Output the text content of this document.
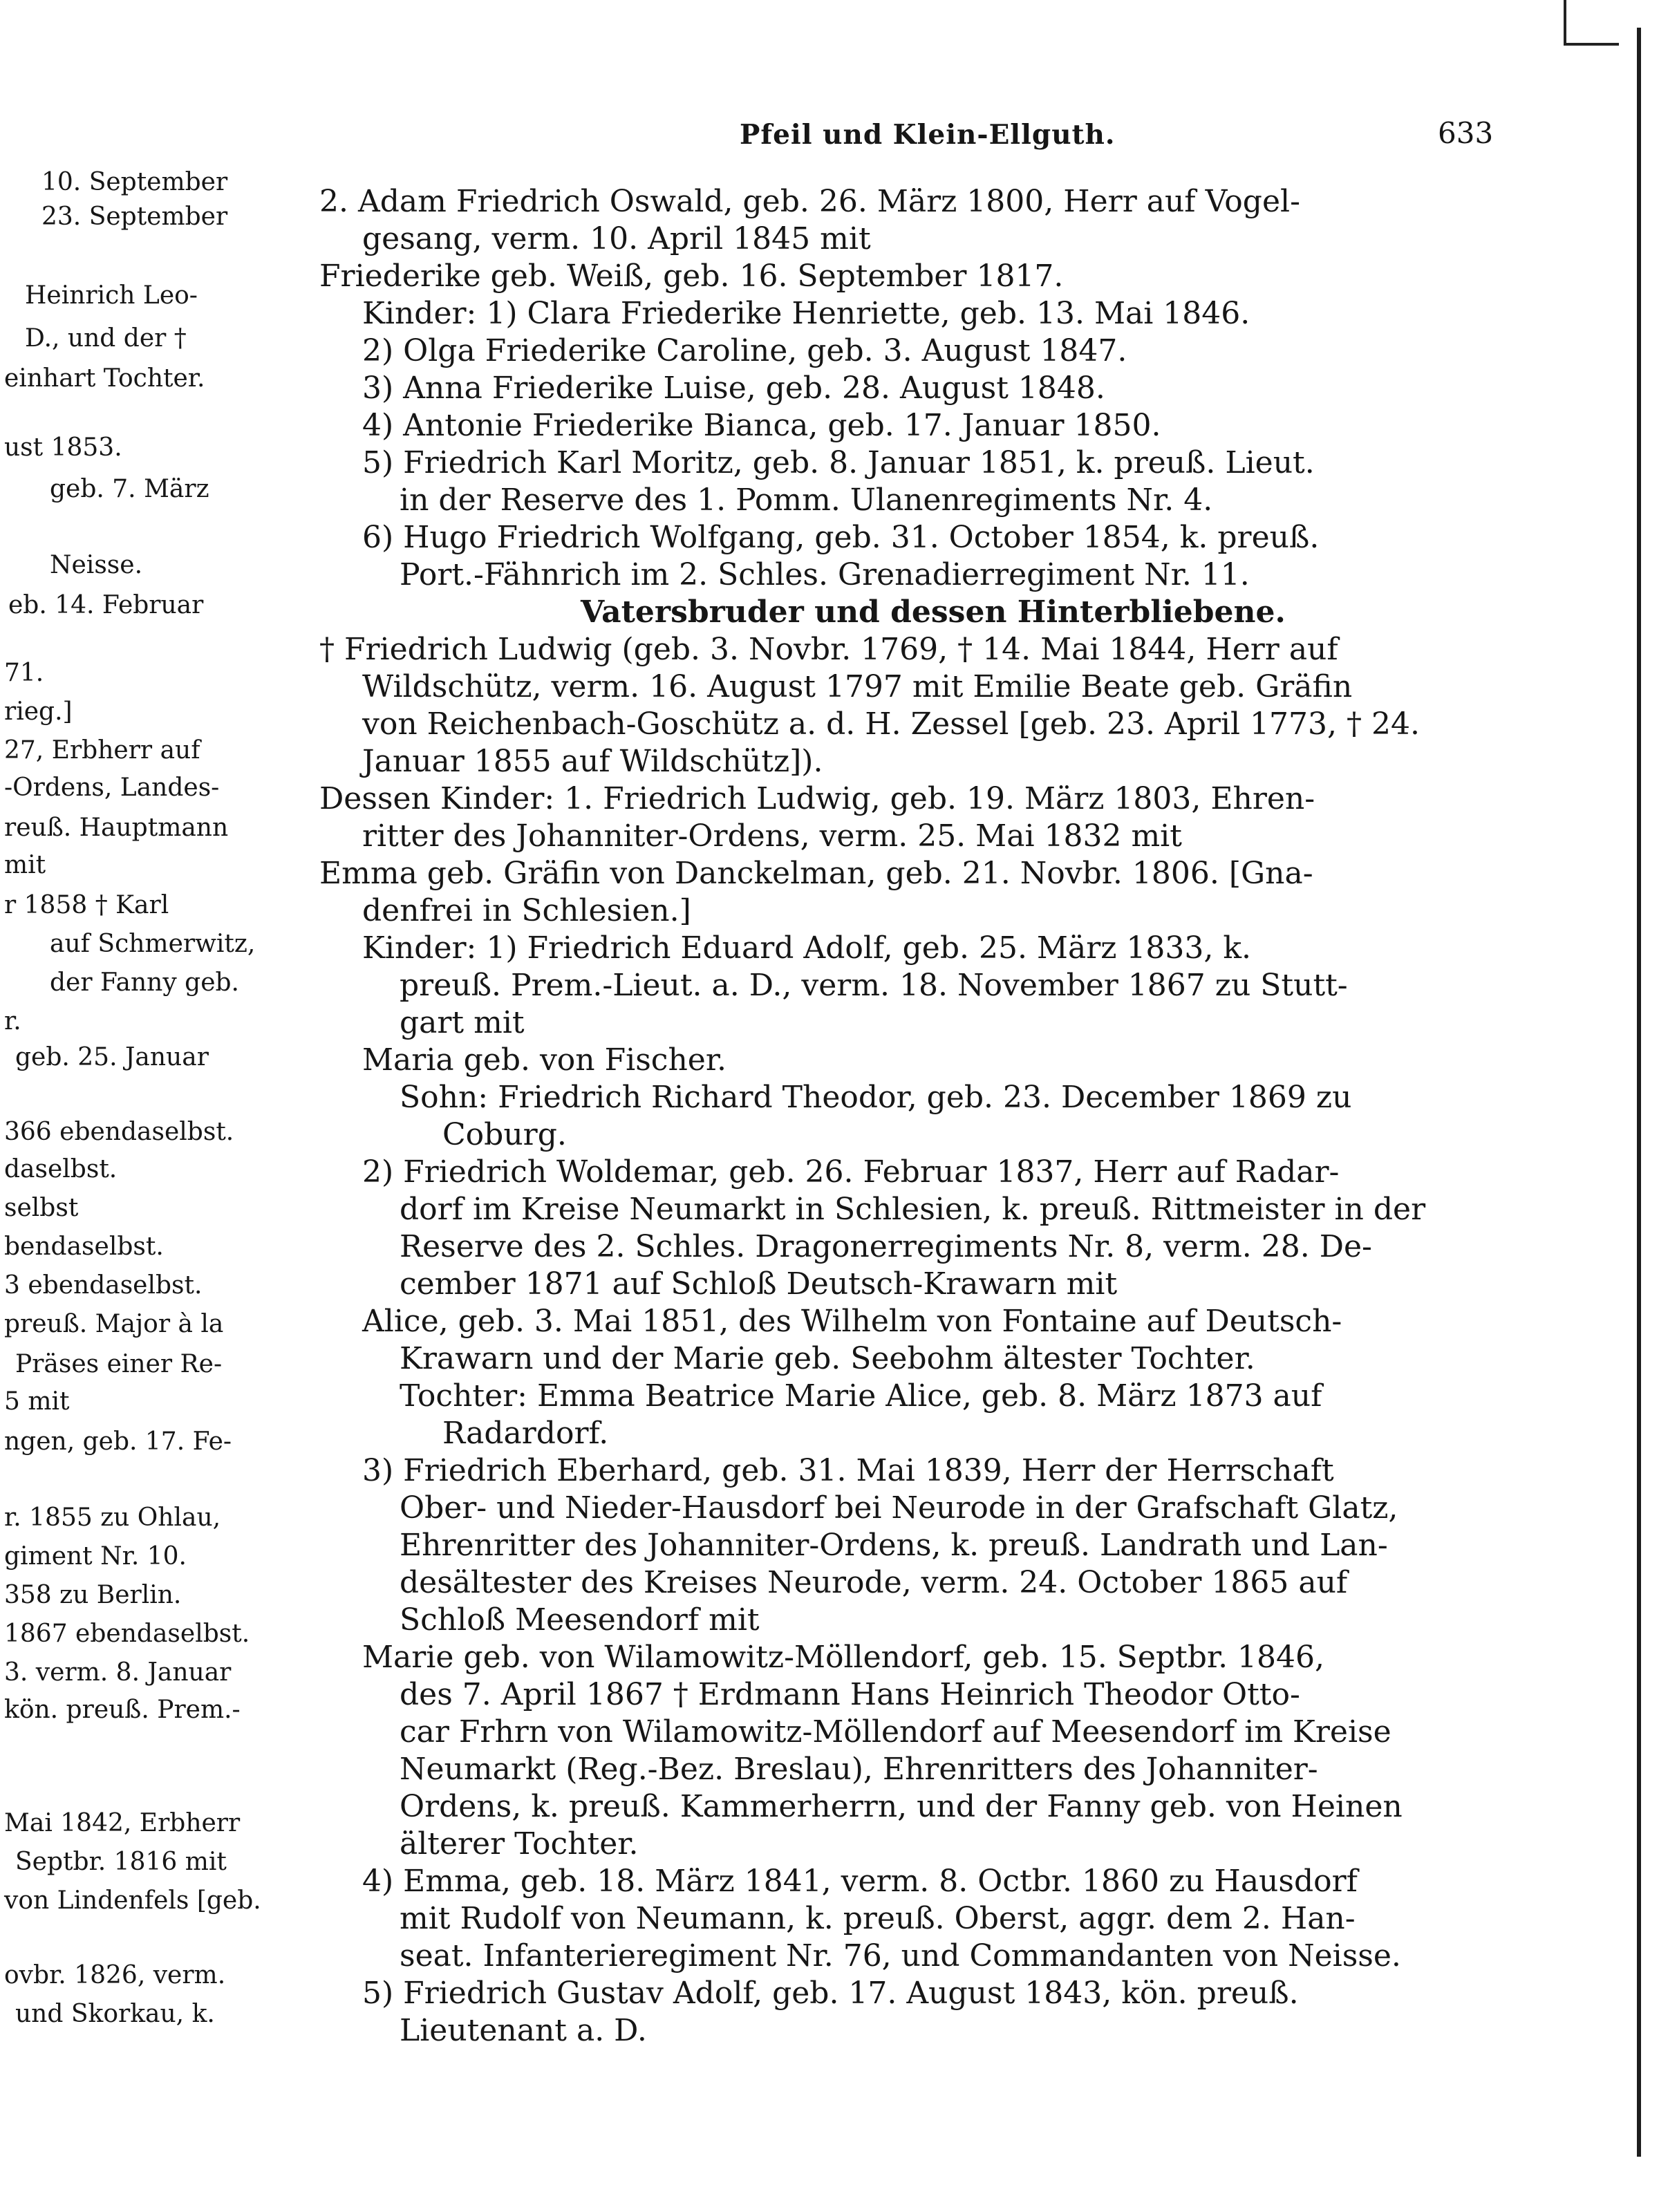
Pfeil und Klein-Ellguth.	633
10. September
23. September
Heinrich Leo-
D., und der †
einhart Tochter.
ust 1853.
geb. 7. März
Neisse.
eb. 14. Februar
71.
rieg.]
27, Erbherr auf
-Ordens, Landes-
reuß. Hauptmann
mit
r 1858 † Karl
auf Schmerwitz,
der Fanny geb.
r.
geb. 25. Januar
366 ebendaselbst.
daselbst.
selbst
bendaselbst.
3 ebendaselbst.
preuß. Major à la
Präses einer Re-
5 mit
ngen, geb. 17. Fe-
r. 1855 zu Ohlau,
giment Nr. 10.
358 zu Berlin.
1867 ebendaselbst.
3. verm. 8. Januar
kön. preuß. Prem.-
Mai 1842, Erbherr
Septbr. 1816 mit
von Lindenfels [geb.
ovbr. 1826, verm.
und Skorkau, k.
2. Adam Friedrich Oswald, geb. 26. März 1800, Herr auf Vogel-
gesang, verm. 10. April 1845 mit
Friederike geb. Weiß, geb. 16. September 1817.
Kinder: 1) Clara Friederike Henriette, geb. 13. Mai 1846.
2) Olga Friederike Caroline, geb. 3. August 1847.
3) Anna Friederike Luise, geb. 28. August 1848.
4) Antonie Friederike Bianca, geb. 17. Januar 1850.
5) Friedrich Karl Moritz, geb. 8. Januar 1851, k. preuß. Lieut.
in der Reserve des 1. Pomm. Ulanenregiments Nr. 4.
6) Hugo Friedrich Wolfgang, geb. 31. October 1854, k. preuß.
Port.-Fähnrich im 2. Schles. Grenadierregiment Nr. 11.
Vatersbruder und dessen Hinterbliebene.
† Friedrich Ludwig (geb. 3. Novbr. 1769, † 14. Mai 1844, Herr auf
Wildschütz, verm. 16. August 1797 mit Emilie Beate geb. Gräfin
von Reichenbach-Goschütz a. d. H. Zessel [geb. 23. April 1773, † 24.
Januar 1855 auf Wildschütz]).
Dessen Kinder: 1. Friedrich Ludwig, geb. 19. März 1803, Ehren-
ritter des Johanniter-Ordens, verm. 25. Mai 1832 mit
Emma geb. Gräfin von Danckelman, geb. 21. Novbr. 1806. [Gna-
denfrei in Schlesien.]
Kinder: 1) Friedrich Eduard Adolf, geb. 25. März 1833, k.
preuß. Prem.-Lieut. a. D., verm. 18. November 1867 zu Stutt-
gart mit
Maria geb. von Fischer.
Sohn: Friedrich Richard Theodor, geb. 23. December 1869 zu
Coburg.
2) Friedrich Woldemar, geb. 26. Februar 1837, Herr auf Radar-
dorf im Kreise Neumarkt in Schlesien, k. preuß. Rittmeister in der
Reserve des 2. Schles. Dragonerregiments Nr. 8, verm. 28. De-
cember 1871 auf Schloß Deutsch-Krawarn mit
Alice, geb. 3. Mai 1851, des Wilhelm von Fontaine auf Deutsch-
Krawarn und der Marie geb. Seebohm ältester Tochter.
Tochter: Emma Beatrice Marie Alice, geb. 8. März 1873 auf
Radardorf.
3) Friedrich Eberhard, geb. 31. Mai 1839, Herr der Herrschaft
Ober- und Nieder-Hausdorf bei Neurode in der Grafschaft Glatz,
Ehrenritter des Johanniter-Ordens, k. preuß. Landrath und Lan-
desältester des Kreises Neurode, verm. 24. October 1865 auf
Schloß Meesendorf mit
Marie geb. von Wilamowitz-Möllendorf, geb. 15. Septbr. 1846,
des 7. April 1867 † Erdmann Hans Heinrich Theodor Otto-
car Frhrn von Wilamowitz-Möllendorf auf Meesendorf im Kreise
Neumarkt (Reg.-Bez. Breslau), Ehrenritters des Johanniter-
Ordens, k. preuß. Kammerherrn, und der Fanny geb. von Heinen
älterer Tochter.
4) Emma, geb. 18. März 1841, verm. 8. Octbr. 1860 zu Hausdorf
mit Rudolf von Neumann, k. preuß. Oberst, aggr. dem 2. Han-
seat. Infanterieregiment Nr. 76, und Commandanten von Neisse.
5) Friedrich Gustav Adolf, geb. 17. August 1843, kön. preuß.
Lieutenant a. D.
